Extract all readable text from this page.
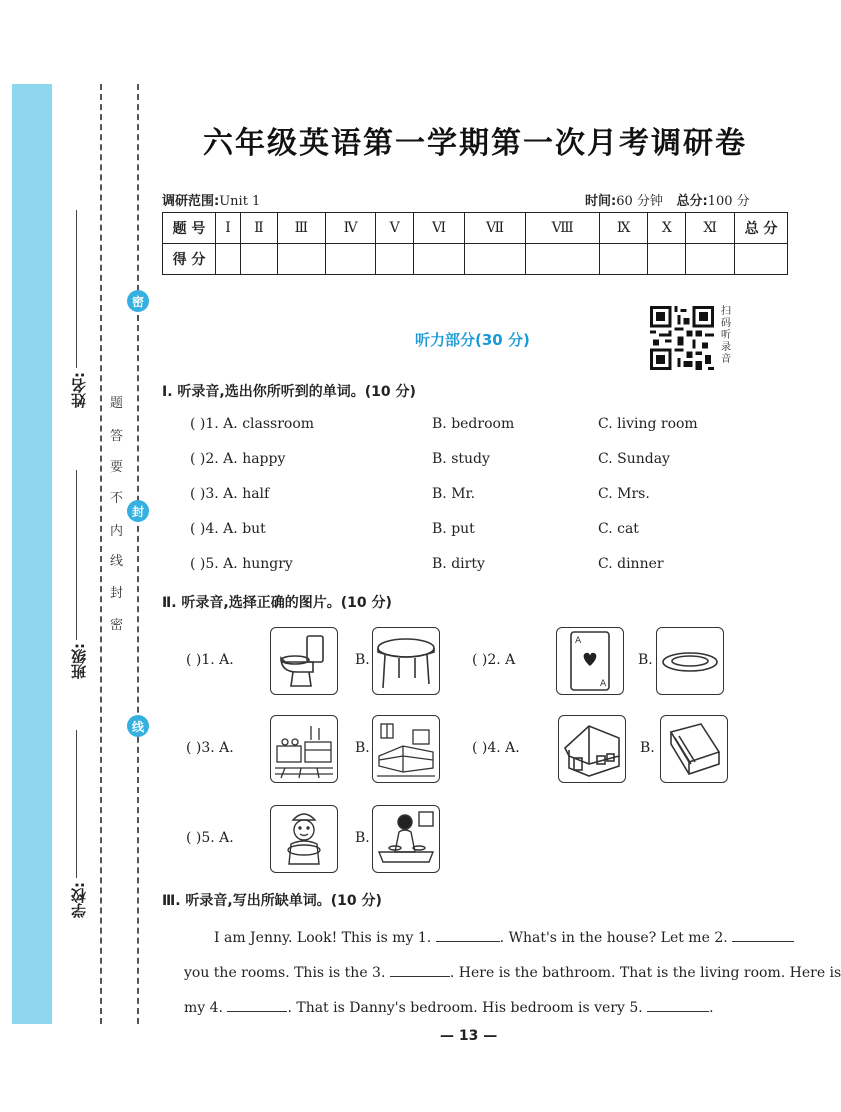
姓名:
班级:
学校:
密
封
线
题
答
要
不
内
线
封
密
六年级英语第一学期第一次月考调研卷
调研范围:Unit 1	时间:60 分钟 总分:100 分
题 号	Ⅰ	Ⅱ	Ⅲ	Ⅳ	Ⅴ	Ⅵ	Ⅶ	Ⅷ	Ⅸ	Ⅹ	Ⅺ	总 分
得 分												
听力部分(30 分)
扫
码
听
录
音
Ⅰ. 听录音,选出你所听到的单词。(10 分)
( )1. A. classroom	B. bedroom	C. living room
( )2. A. happy	B. study	C. Sunday
( )3. A. half	B. Mr.	C. Mrs.
( )4. A. but	B. put	C. cat
( )5. A. hungry	B. dirty	C. dinner
Ⅱ. 听录音,选择正确的图片。(10 分)
( )1. A.	B.	( )2. A
A
A
B.
( )3. A.	B.	( )4. A.	B.
( )5. A.	B.
Ⅲ. 听录音,写出所缺单词。(10 分)
I am Jenny. Look! This is my 1.	. What's in the house? Let me 2.
you the rooms. This is the 3.	. Here is the bathroom. That is the living room. Here is
my 4.	. That is Danny's bedroom. His bedroom is very 5.	.
— 13 —
